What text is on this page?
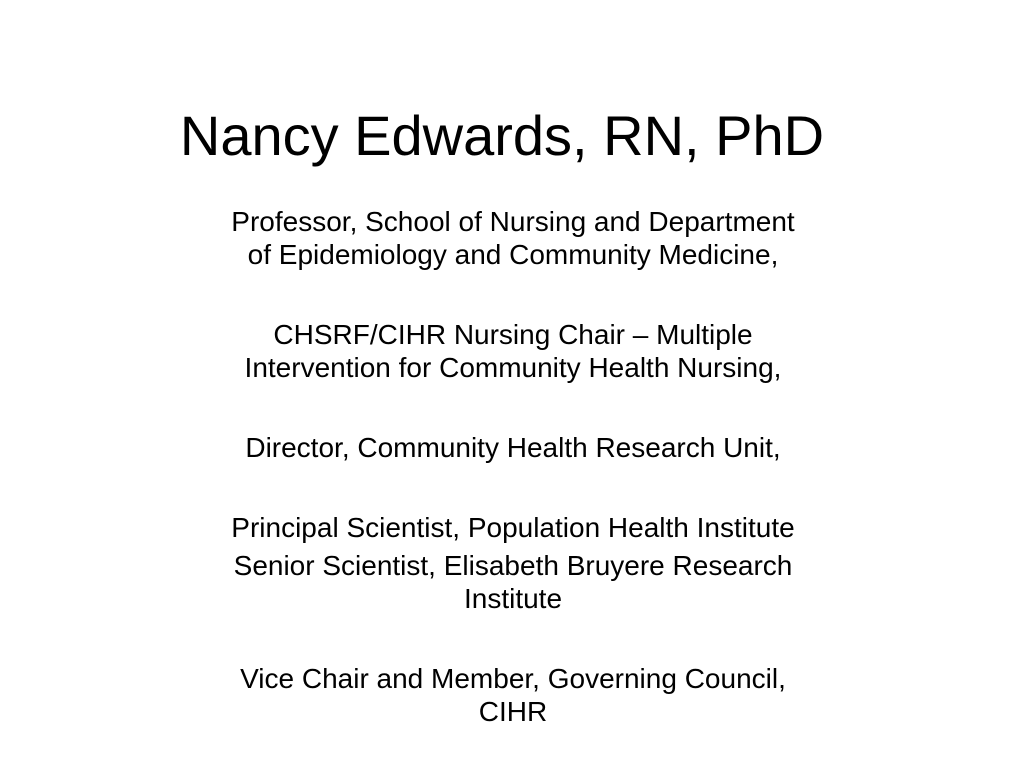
Nancy Edwards, RN, PhD

Professor, School of Nursing and Department
of Epidemiology and Community Medicine,

CHSRF/CIHR Nursing Chair – Multiple
Intervention for Community Health Nursing,

Director, Community Health Research Unit,

Principal Scientist, Population Health Institute

Senior Scientist, Elisabeth Bruyere Research
Institute

Vice Chair and Member, Governing Council,
CIHR
